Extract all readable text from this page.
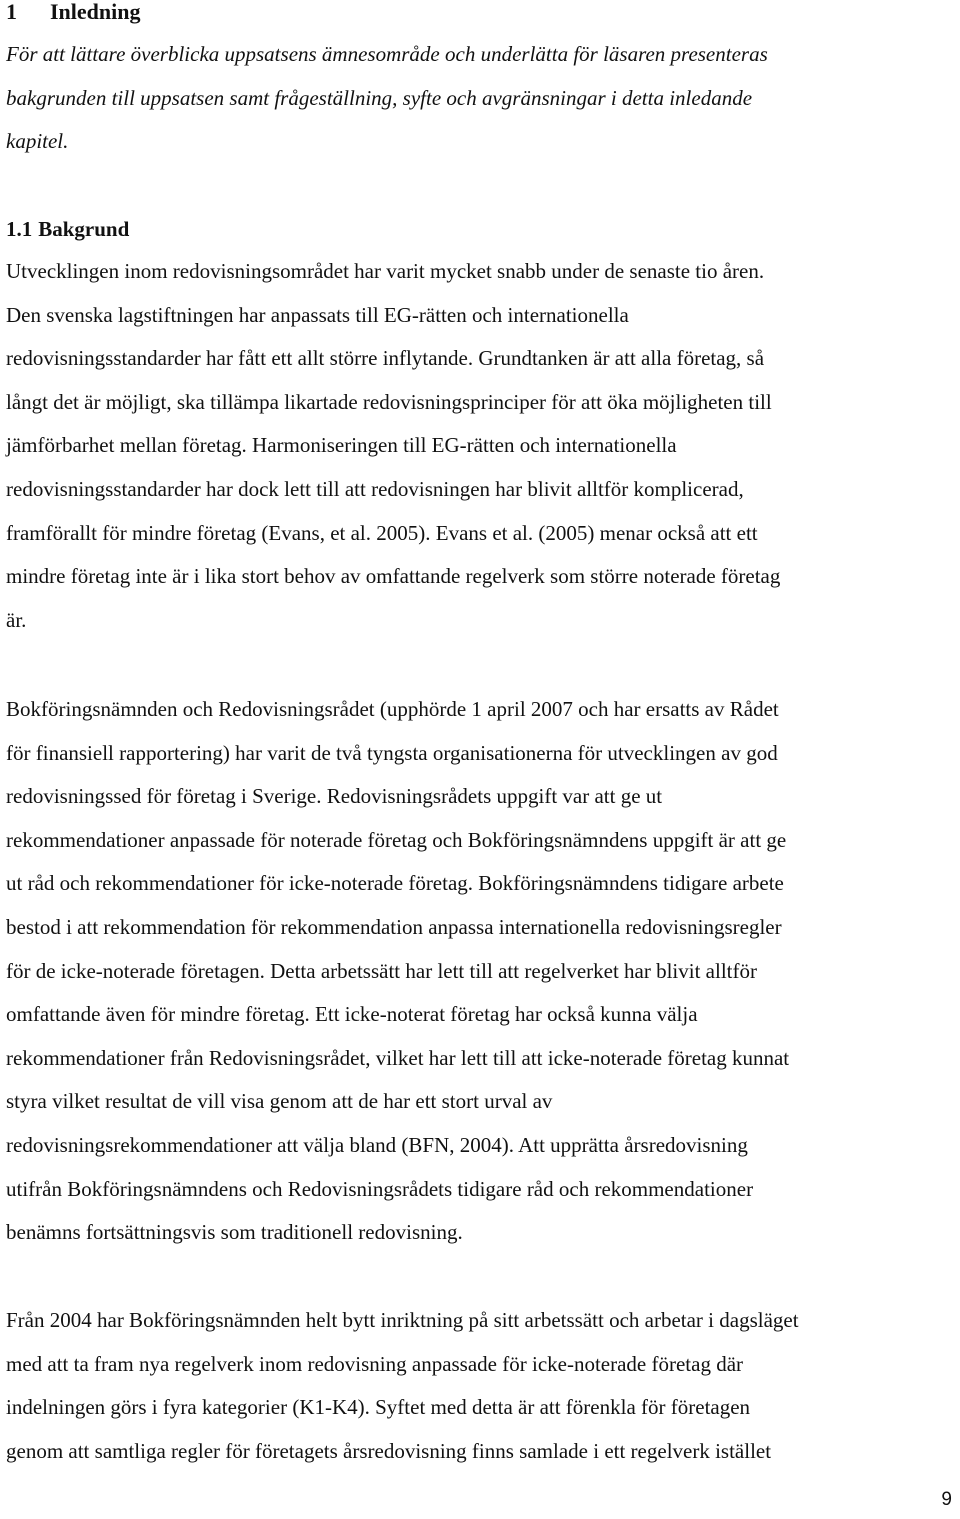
1 Inledning

För att lättare överblicka uppsatsens ämnesområde och underlätta för läsaren presenteras
bakgrunden till uppsatsen samt frågeställning, syfte och avgränsningar i detta inledande
kapitel.

1.1 Bakgrund

Utvecklingen inom redovisningsområdet har varit mycket snabb under de senaste tio åren.
Den svenska lagstiftningen har anpassats till EG-rätten och internationella
redovisningsstandarder har fått ett allt större inflytande. Grundtanken är att alla företag, så
långt det är möjligt, ska tillämpa likartade redovisningsprinciper för att öka möjligheten till
jämförbarhet mellan företag. Harmoniseringen till EG-rätten och internationella
redovisningsstandarder har dock lett till att redovisningen har blivit alltför komplicerad,
framförallt för mindre företag (Evans, et al. 2005). Evans et al. (2005) menar också att ett
mindre företag inte är i lika stort behov av omfattande regelverk som större noterade företag
är.

Bokföringsnämnden och Redovisningsrådet (upphörde 1 april 2007 och har ersatts av Rådet
för finansiell rapportering) har varit de två tyngsta organisationerna för utvecklingen av god
redovisningssed för företag i Sverige. Redovisningsrådets uppgift var att ge ut
rekommendationer anpassade för noterade företag och Bokföringsnämndens uppgift är att ge
ut råd och rekommendationer för icke-noterade företag. Bokföringsnämndens tidigare arbete
bestod i att rekommendation för rekommendation anpassa internationella redovisningsregler
för de icke-noterade företagen. Detta arbetssätt har lett till att regelverket har blivit alltför
omfattande även för mindre företag. Ett icke-noterat företag har också kunna välja
rekommendationer från Redovisningsrådet, vilket har lett till att icke-noterade företag kunnat
styra vilket resultat de vill visa genom att de har ett stort urval av
redovisningsrekommendationer att välja bland (BFN, 2004). Att upprätta årsredovisning
utifrån Bokföringsnämndens och Redovisningsrådets tidigare råd och rekommendationer
benämns fortsättningsvis som traditionell redovisning.

Från 2004 har Bokföringsnämnden helt bytt inriktning på sitt arbetssätt och arbetar i dagsläget
med att ta fram nya regelverk inom redovisning anpassade för icke-noterade företag där
indelningen görs i fyra kategorier (K1-K4). Syftet med detta är att förenkla för företagen
genom att samtliga regler för företagets årsredovisning finns samlade i ett regelverk istället

9
